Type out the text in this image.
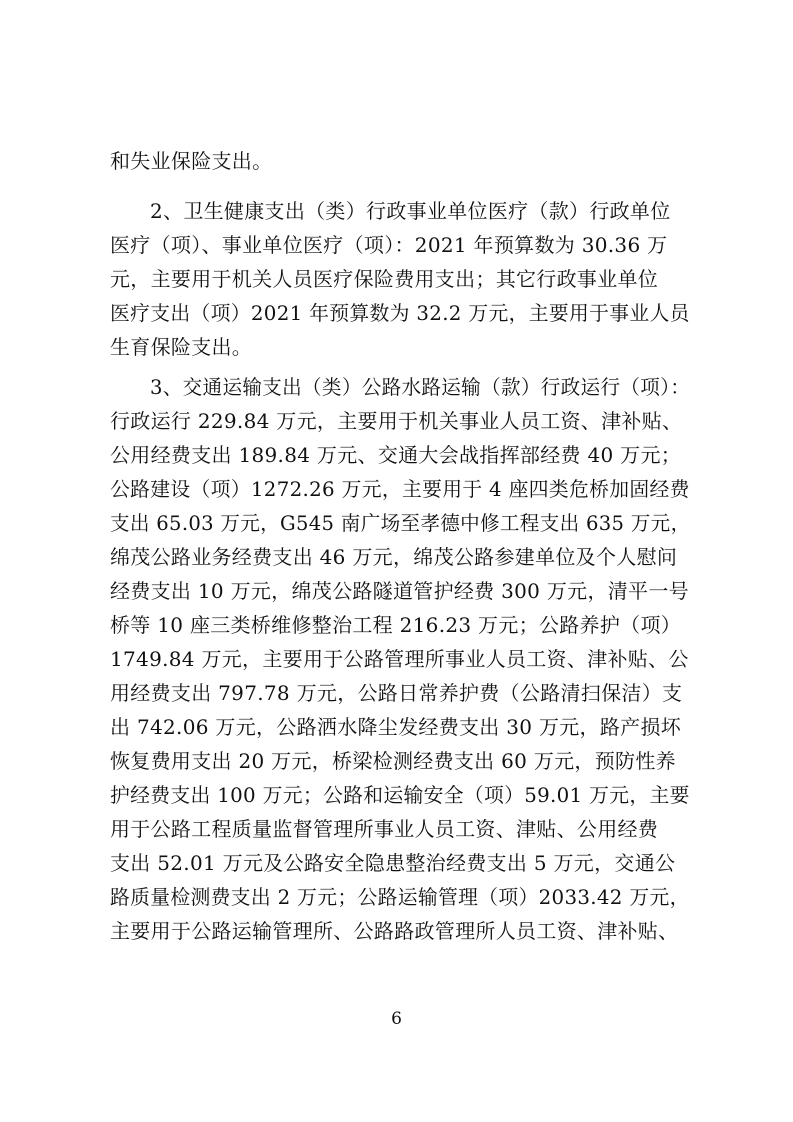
和失业保险支出。
2、卫生健康支出（类）行政事业单位医疗（款）行政单位
医疗（项）、事业单位医疗（项）：2021 年预算数为 30.36 万
元，主要用于机关人员医疗保险费用支出；其它行政事业单位
医疗支出（项）2021 年预算数为 32.2 万元，主要用于事业人员
生育保险支出。
3、交通运输支出（类）公路水路运输（款）行政运行（项）：
行政运行 229.84 万元，主要用于机关事业人员工资、津补贴、
公用经费支出 189.84 万元、交通大会战指挥部经费 40 万元；
公路建设（项）1272.26 万元，主要用于 4 座四类危桥加固经费
支出 65.03 万元，G545 南广场至孝德中修工程支出 635 万元，
绵茂公路业务经费支出 46 万元，绵茂公路参建单位及个人慰问
经费支出 10 万元，绵茂公路隧道管护经费 300 万元，清平一号
桥等 10 座三类桥维修整治工程 216.23 万元；公路养护（项）
1749.84 万元，主要用于公路管理所事业人员工资、津补贴、公
用经费支出 797.78 万元，公路日常养护费（公路清扫保洁）支
出 742.06 万元，公路洒水降尘发经费支出 30 万元，路产损坏
恢复费用支出 20 万元，桥梁检测经费支出 60 万元，预防性养
护经费支出 100 万元；公路和运输安全（项）59.01 万元，主要
用于公路工程质量监督管理所事业人员工资、津贴、公用经费
支出 52.01 万元及公路安全隐患整治经费支出 5 万元，交通公
路质量检测费支出 2 万元；公路运输管理（项）2033.42 万元，
主要用于公路运输管理所、公路路政管理所人员工资、津补贴、
6
